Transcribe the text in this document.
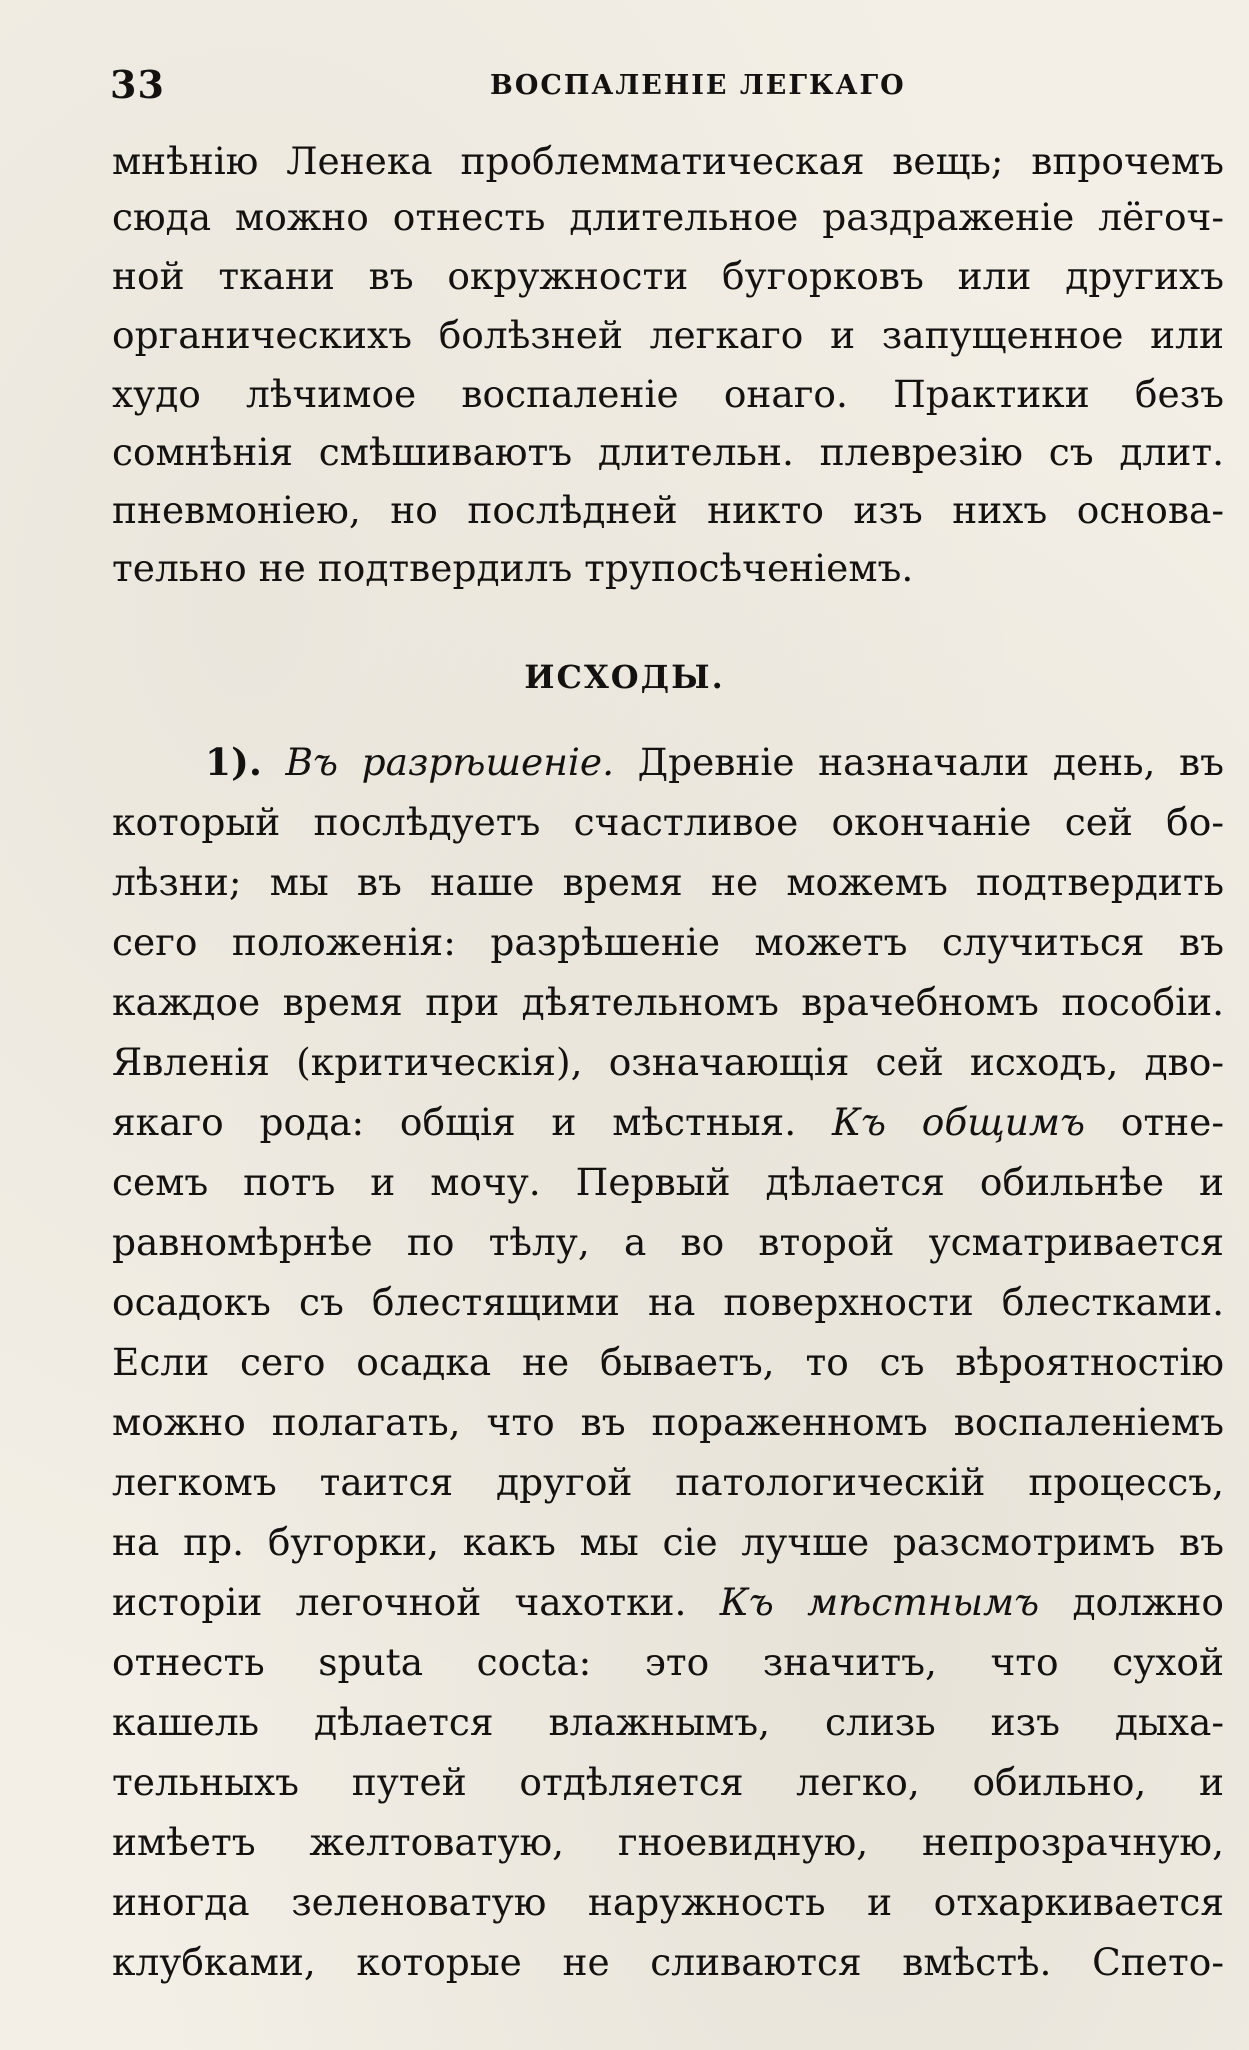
33	ВОСПАЛЕНІЕ ЛЕГКАГО
мнѣнію Ленека проблемматическая вещь; впрочемъ
сюда можно отнесть длительное раздраженіе лёгоч-
ной ткани въ окружности бугорковъ или другихъ
органическихъ болѣзней легкаго и запущенное или
худо лѣчимое воспаленіе онаго. Практики безъ
сомнѣнія смѣшиваютъ длительн. плеврезію съ длит.
пневмоніею, но послѣдней никто изъ нихъ основа-
тельно не подтвердилъ трупосѣченіемъ.
ИСХОДЫ.
1). Въ разрѣшеніе. Древніе назначали день, въ
который послѣдуетъ счастливое окончаніе сей бо-
лѣзни; мы въ наше время не можемъ подтвердить
сего положенія: разрѣшеніе можетъ случиться въ
каждое время при дѣятельномъ врачебномъ пособіи.
Явленія (критическія), означающія сей исходъ, дво-
якаго рода: общія и мѣстныя. Къ общимъ отне-
семъ потъ и мочу. Первый дѣлается обильнѣе и
равномѣрнѣе по тѣлу, а во второй усматривается
осадокъ съ блестящими на поверхности блестками.
Если сего осадка не бываетъ, то съ вѣроятностію
можно полагать, что въ пораженномъ воспаленіемъ
легкомъ таится другой патологическій процессъ,
на пр. бугорки, какъ мы сіе лучше разсмотримъ въ
исторіи легочной чахотки. Къ мѣстнымъ должно
отнесть sputa cocta: это значитъ, что сухой
кашель дѣлается влажнымъ, слизь изъ дыха-
тельныхъ путей отдѣляется легко, обильно, и
имѣетъ желтоватую, гноевидную, непрозрачную,
иногда зеленоватую наружность и отхаркивается
клубками, которые не сливаются вмѣстѣ. Спето-
